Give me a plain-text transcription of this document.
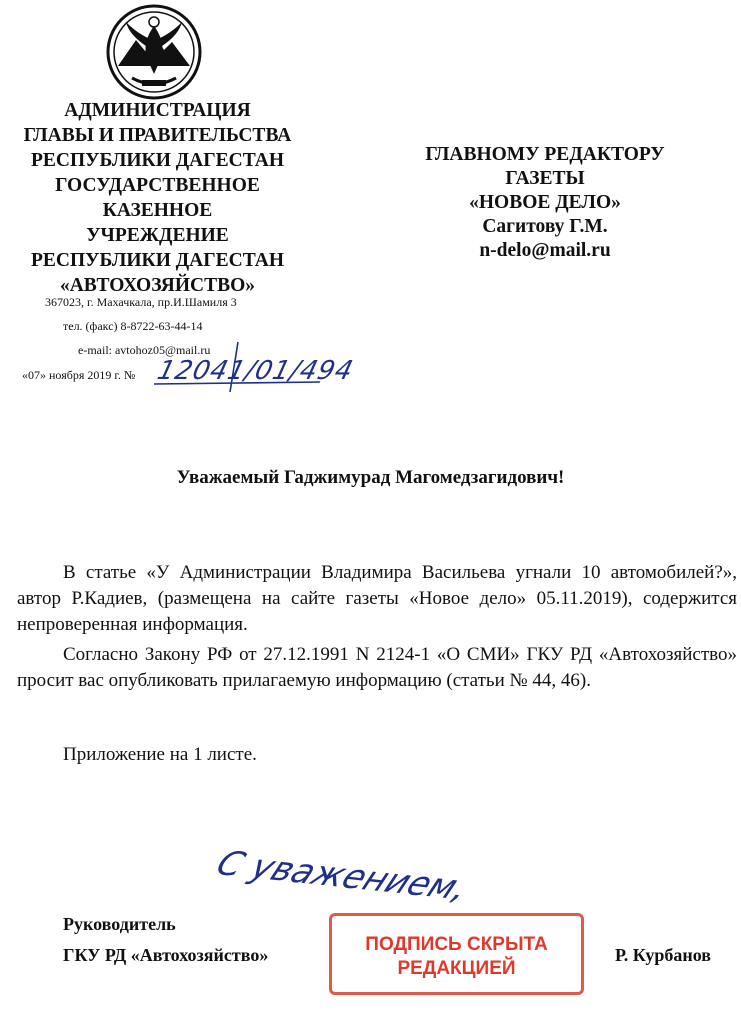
АДМИНИСТРАЦИЯ
ГЛАВЫ И ПРАВИТЕЛЬСТВА
РЕСПУБЛИКИ ДАГЕСТАН
ГОСУДАРСТВЕННОЕ
КАЗЕННОЕ
УЧРЕЖДЕНИЕ
РЕСПУБЛИКИ ДАГЕСТАН
«АВТОХОЗЯЙСТВО»
367023, г. Махачкала, пр.И.Шамиля 3
тел. (факс) 8-8722-63-44-14
e-mail: avtohoz05@mail.ru
«07» ноября 2019 г. № 12041/01/494
ГЛАВНОМУ РЕДАКТОРУ
ГАЗЕТЫ
«НОВОЕ ДЕЛО»
Сагитову Г.М.
n-delo@mail.ru
Уважаемый Гаджимурад Магомедзагидович!
В статье «У Администрации Владимира Васильева угнали 10 автомобилей?», автор Р.Кадиев, (размещена на сайте газеты «Новое дело» 05.11.2019), содержится непроверенная информация.
Согласно Закону РФ от 27.12.1991 N 2124-1 «О СМИ» ГКУ РД «Автохозяйство» просит вас опубликовать прилагаемую информацию (статьи № 44, 46).
Приложение на 1 листе.
С уважением,
Руководитель
ГКУ РД «Автохозяйство»	ПОДПИСЬ СКРЫТА
РЕДАКЦИЕЙ
Р. Курбанов
